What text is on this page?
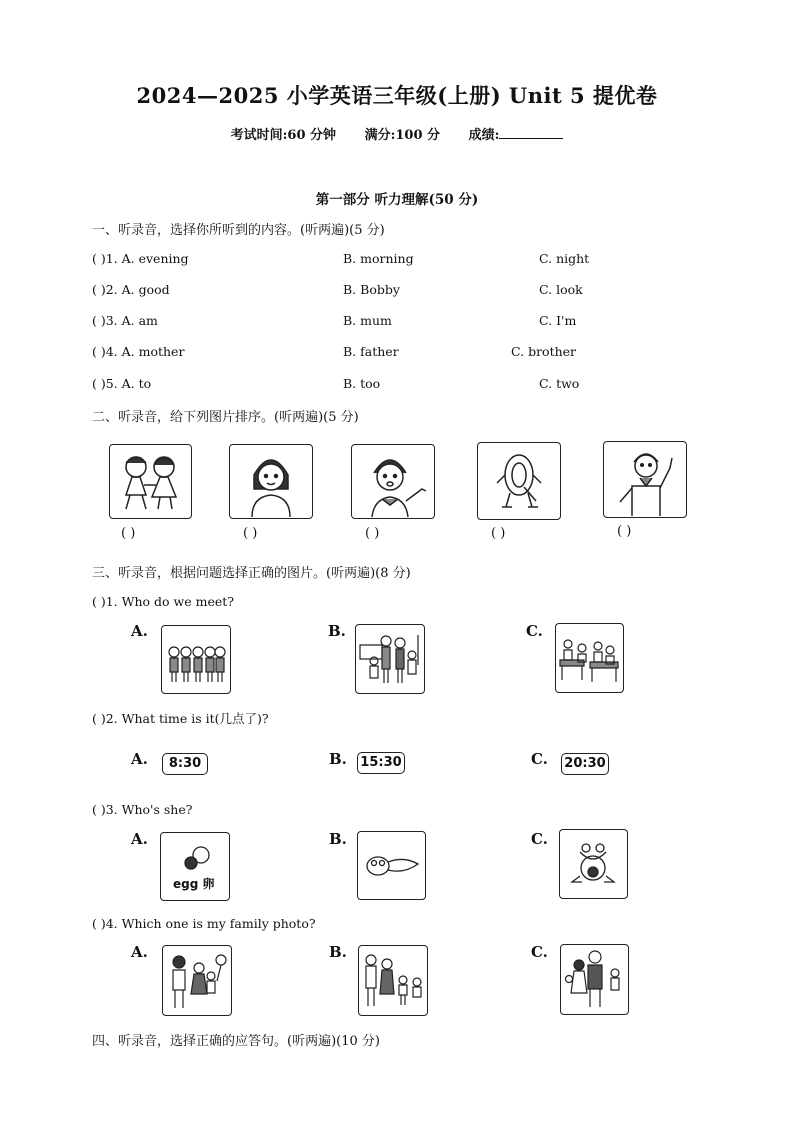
2024—2025 小学英语三年级(上册) Unit 5 提优卷
考试时间:60 分钟 满分:100 分 成绩:
第一部分 听力理解(50 分)
一、听录音，选择你所听到的内容。(听两遍)(5 分)
( )1. A. evening	B. morning	C. night
( )2. A. good	B. Bobby	C. look
( )3. A. am	B. mum	C. I'm
( )4. A. mother	B. father	C. brother
( )5. A. to	B. too	C. two
二、听录音，给下列图片排序。(听两遍)(5 分)
( )	( )	( )	( )	( )
三、听录音，根据问题选择正确的图片。(听两遍)(8 分)
( )1. Who do we meet?
A.	B.	C.
( )2. What time is it(几点了)?
A.	8:30	B. 15:30	C. 20:30
( )3. Who's she?
A.
egg 卵
B.	C.
( )4. Which one is my family photo?
A.	B.	C.
四、听录音，选择正确的应答句。(听两遍)(10 分)
